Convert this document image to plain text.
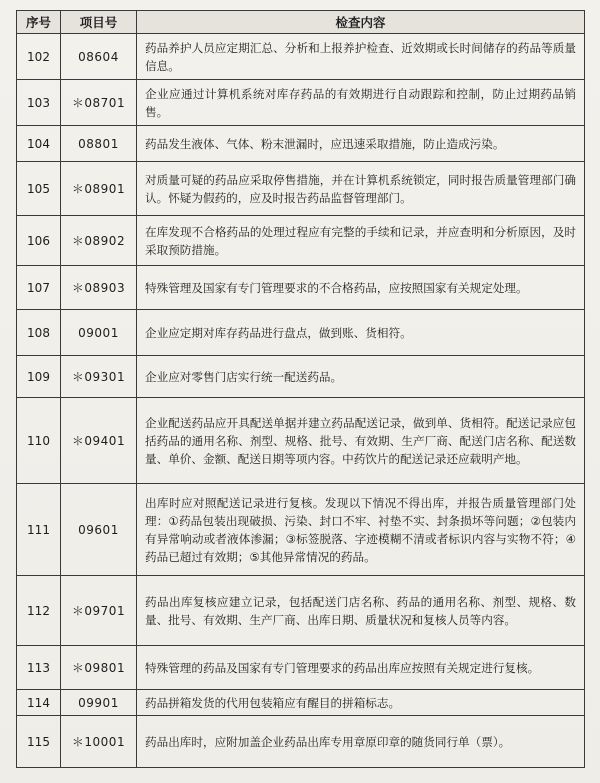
序号	项目号	检查内容
102	08604	药品养护人员应定期汇总、分析和上报养护检查、近效期或长时间储存的药品等质量信息。
103	＊08701	企业应通过计算机系统对库存药品的有效期进行自动跟踪和控制，防止过期药品销售。
104	08801	药品发生液体、气体、粉末泄漏时，应迅速采取措施，防止造成污染。
105	＊08901	对质量可疑的药品应采取停售措施，并在计算机系统锁定，同时报告质量管理部门确认。怀疑为假药的，应及时报告药品监督管理部门。
106	＊08902	在库发现不合格药品的处理过程应有完整的手续和记录，并应查明和分析原因，及时采取预防措施。
107	＊08903	特殊管理及国家有专门管理要求的不合格药品，应按照国家有关规定处理。
108	09001	企业应定期对库存药品进行盘点，做到账、货相符。
109	＊09301	企业应对零售门店实行统一配送药品。
110	＊09401	企业配送药品应开具配送单据并建立药品配送记录，做到单、货相符。配送记录应包括药品的通用名称、剂型、规格、批号、有效期、生产厂商、配送门店名称、配送数量、单价、金额、配送日期等项内容。中药饮片的配送记录还应载明产地。
111	09601	出库时应对照配送记录进行复核。发现以下情况不得出库，并报告质量管理部门处理：①药品包装出现破损、污染、封口不牢、衬垫不实、封条损坏等问题；②包装内有异常响动或者液体渗漏；③标签脱落、字迹模糊不清或者标识内容与实物不符；④药品已超过有效期；⑤其他异常情况的药品。
112	＊09701	药品出库复核应建立记录，包括配送门店名称、药品的通用名称、剂型、规格、数量、批号、有效期、生产厂商、出库日期、质量状况和复核人员等内容。
113	＊09801	特殊管理的药品及国家有专门管理要求的药品出库应按照有关规定进行复核。
114	09901	药品拼箱发货的代用包装箱应有醒目的拼箱标志。
115	＊10001	药品出库时，应附加盖企业药品出库专用章原印章的随货同行单（票）。
